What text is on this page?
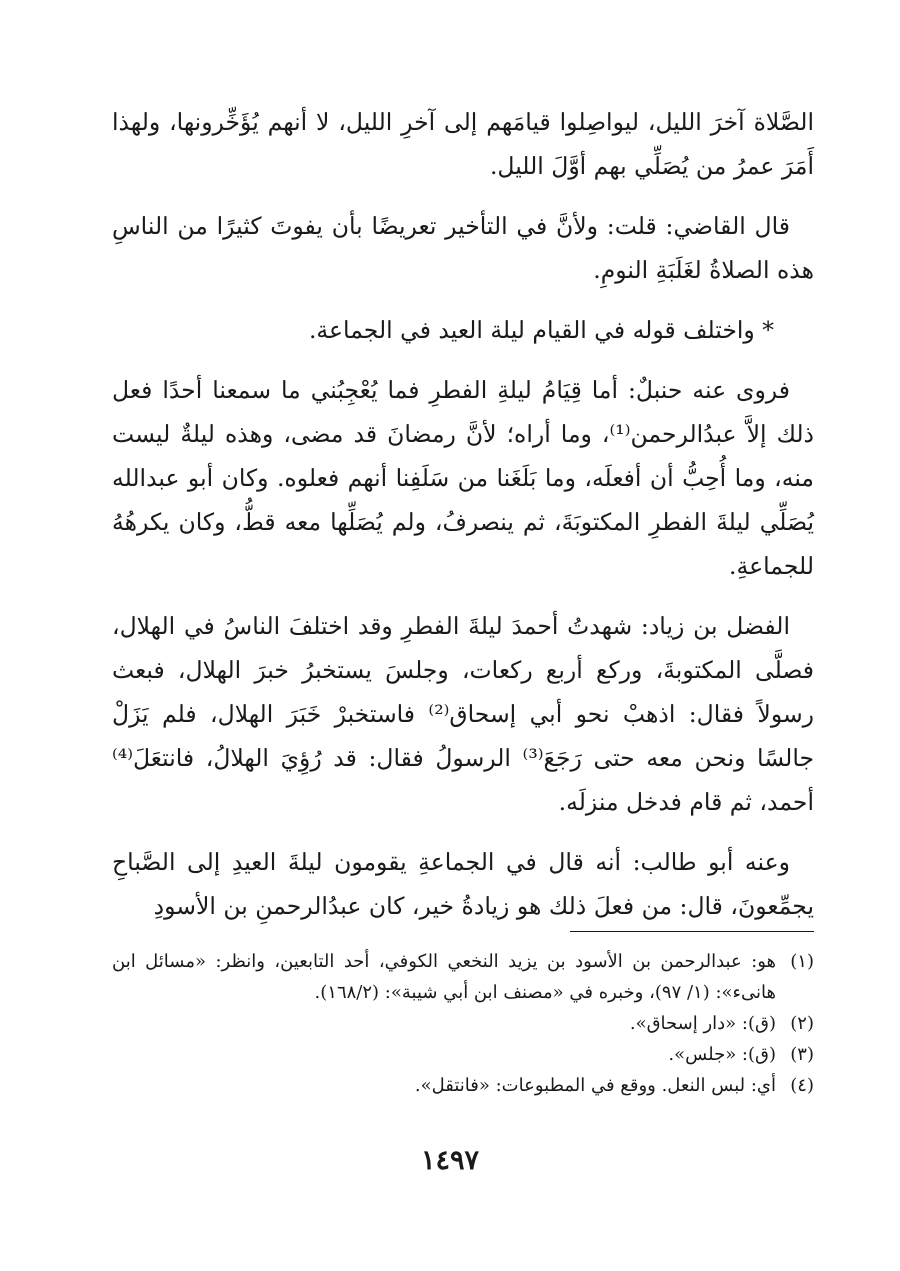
الصَّلاة آخرَ الليل، ليواصِلوا قيامَهم إلى آخرِ الليل، لا أنهم يُؤَخِّرونها، ولهذا أَمَرَ عمرُ من يُصَلِّي بهم أوَّلَ الليل.

قال القاضي: قلت: ولأنَّ في التأخير تعريضًا بأن يفوتَ كثيرًا من الناسِ هذه الصلاةُ لغَلَبَةِ النومِ.

* واختلف قوله في القيام ليلة العيد في الجماعة.

فروى عنه حنبلٌ: أما قِيَامُ ليلةِ الفطرِ فما يُعْجِبُني ما سمعنا أحدًا فعل ذلك إلاَّ عبدُالرحمن⁽¹⁾، وما أراه؛ لأنَّ رمضانَ قد مضى، وهذه ليلةٌ ليست منه، وما أُحِبُّ أن أفعلَه، وما بَلَغَنا من سَلَفِنا أنهم فعلوه. وكان أبو عبدالله يُصَلِّي ليلةَ الفطرِ المكتوبَةَ، ثم ينصرفُ، ولم يُصَلِّها معه قطُّ، وكان يكرهُهُ للجماعةِ.

الفضل بن زياد: شهدتُ أحمدَ ليلةَ الفطرِ وقد اختلفَ الناسُ في الهلال، فصلَّى المكتوبةَ، وركع أربع ركعات، وجلسَ يستخبرُ خبرَ الهلال، فبعث رسولاً فقال: اذهبْ نحو أبي إسحاق⁽²⁾ فاستخبرْ خَبَرَ الهلال، فلم يَزَلْ جالسًا ونحن معه حتى رَجَعَ⁽³⁾ الرسولُ فقال: قد رُؤِيَ الهلالُ، فانتعَلَ⁽⁴⁾ أحمد، ثم قام فدخل منزلَه.

وعنه أبو طالب: أنه قال في الجماعةِ يقومون ليلةَ العيدِ إلى الصَّباحِ يجمِّعونَ، قال: من فعلَ ذلك هو زيادةُ خير، كان عبدُالرحمنِ بن الأسودِ

(١)
هو: عبدالرحمن بن الأسود بن يزيد النخعي الكوفي، أحد التابعين، وانظر: «مسائل ابن هانىء»: (١/ ٩٧)، وخبره في «مصنف ابن أبي شيبة»: (١٦٨/٢).
(٢)
(ق): «دار إسحاق».
(٣)
(ق): «جلس».
(٤)
أي: لبس النعل. ووقع في المطبوعات: «فانتقل».
١٤٩٧
